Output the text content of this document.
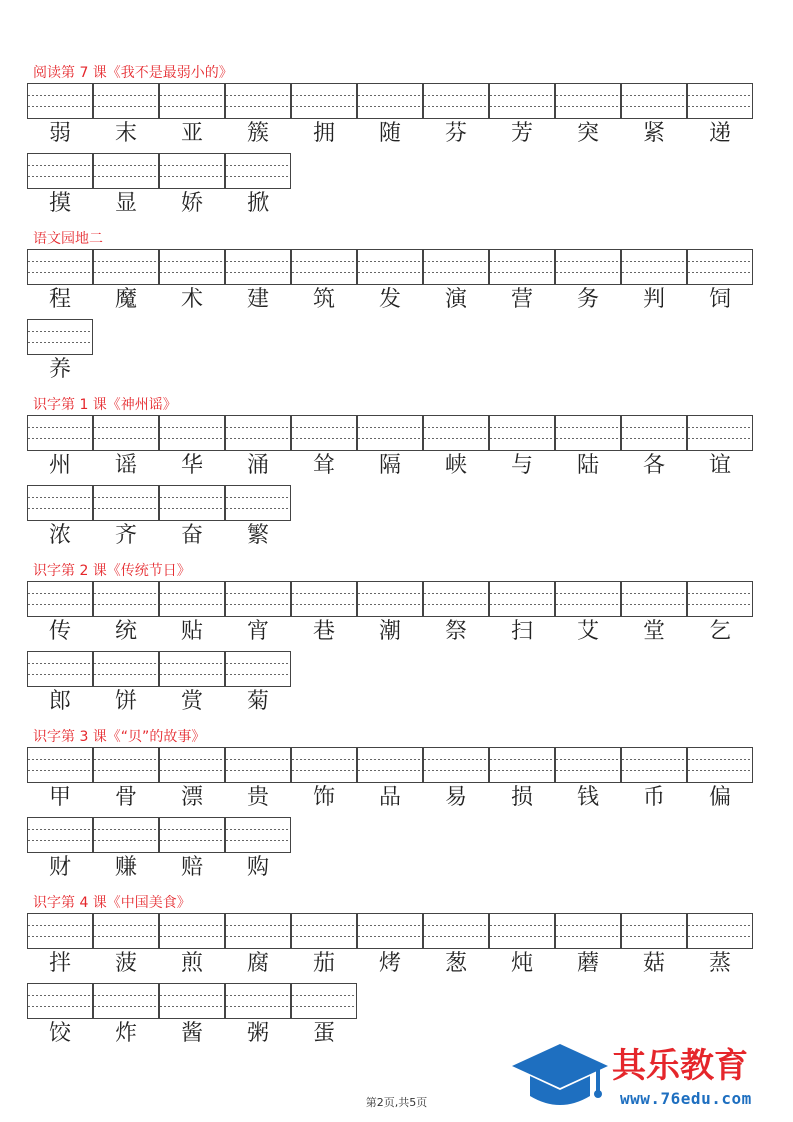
阅读第 7 课《我不是最弱小的》
弱	末	亚	簇	拥	随	芬	芳	突	紧	递
摸	显	娇	掀
语文园地二
程	魔	术	建	筑	发	演	营	务	判	饲
养
识字第 1 课《神州谣》
州	谣	华	涌	耸	隔	峡	与	陆	各	谊
浓	齐	奋	繁
识字第 2 课《传统节日》
传	统	贴	宵	巷	潮	祭	扫	艾	堂	乞
郎	饼	赏	菊
识字第 3 课《“贝”的故事》
甲	骨	漂	贵	饰	品	易	损	钱	币	偏
财	赚	赔	购
识字第 4 课《中国美食》
拌	菠	煎	腐	茄	烤	葱	炖	蘑	菇	蒸
饺	炸	酱	粥	蛋
第2页,共5页
其乐教育
www.76edu.com
